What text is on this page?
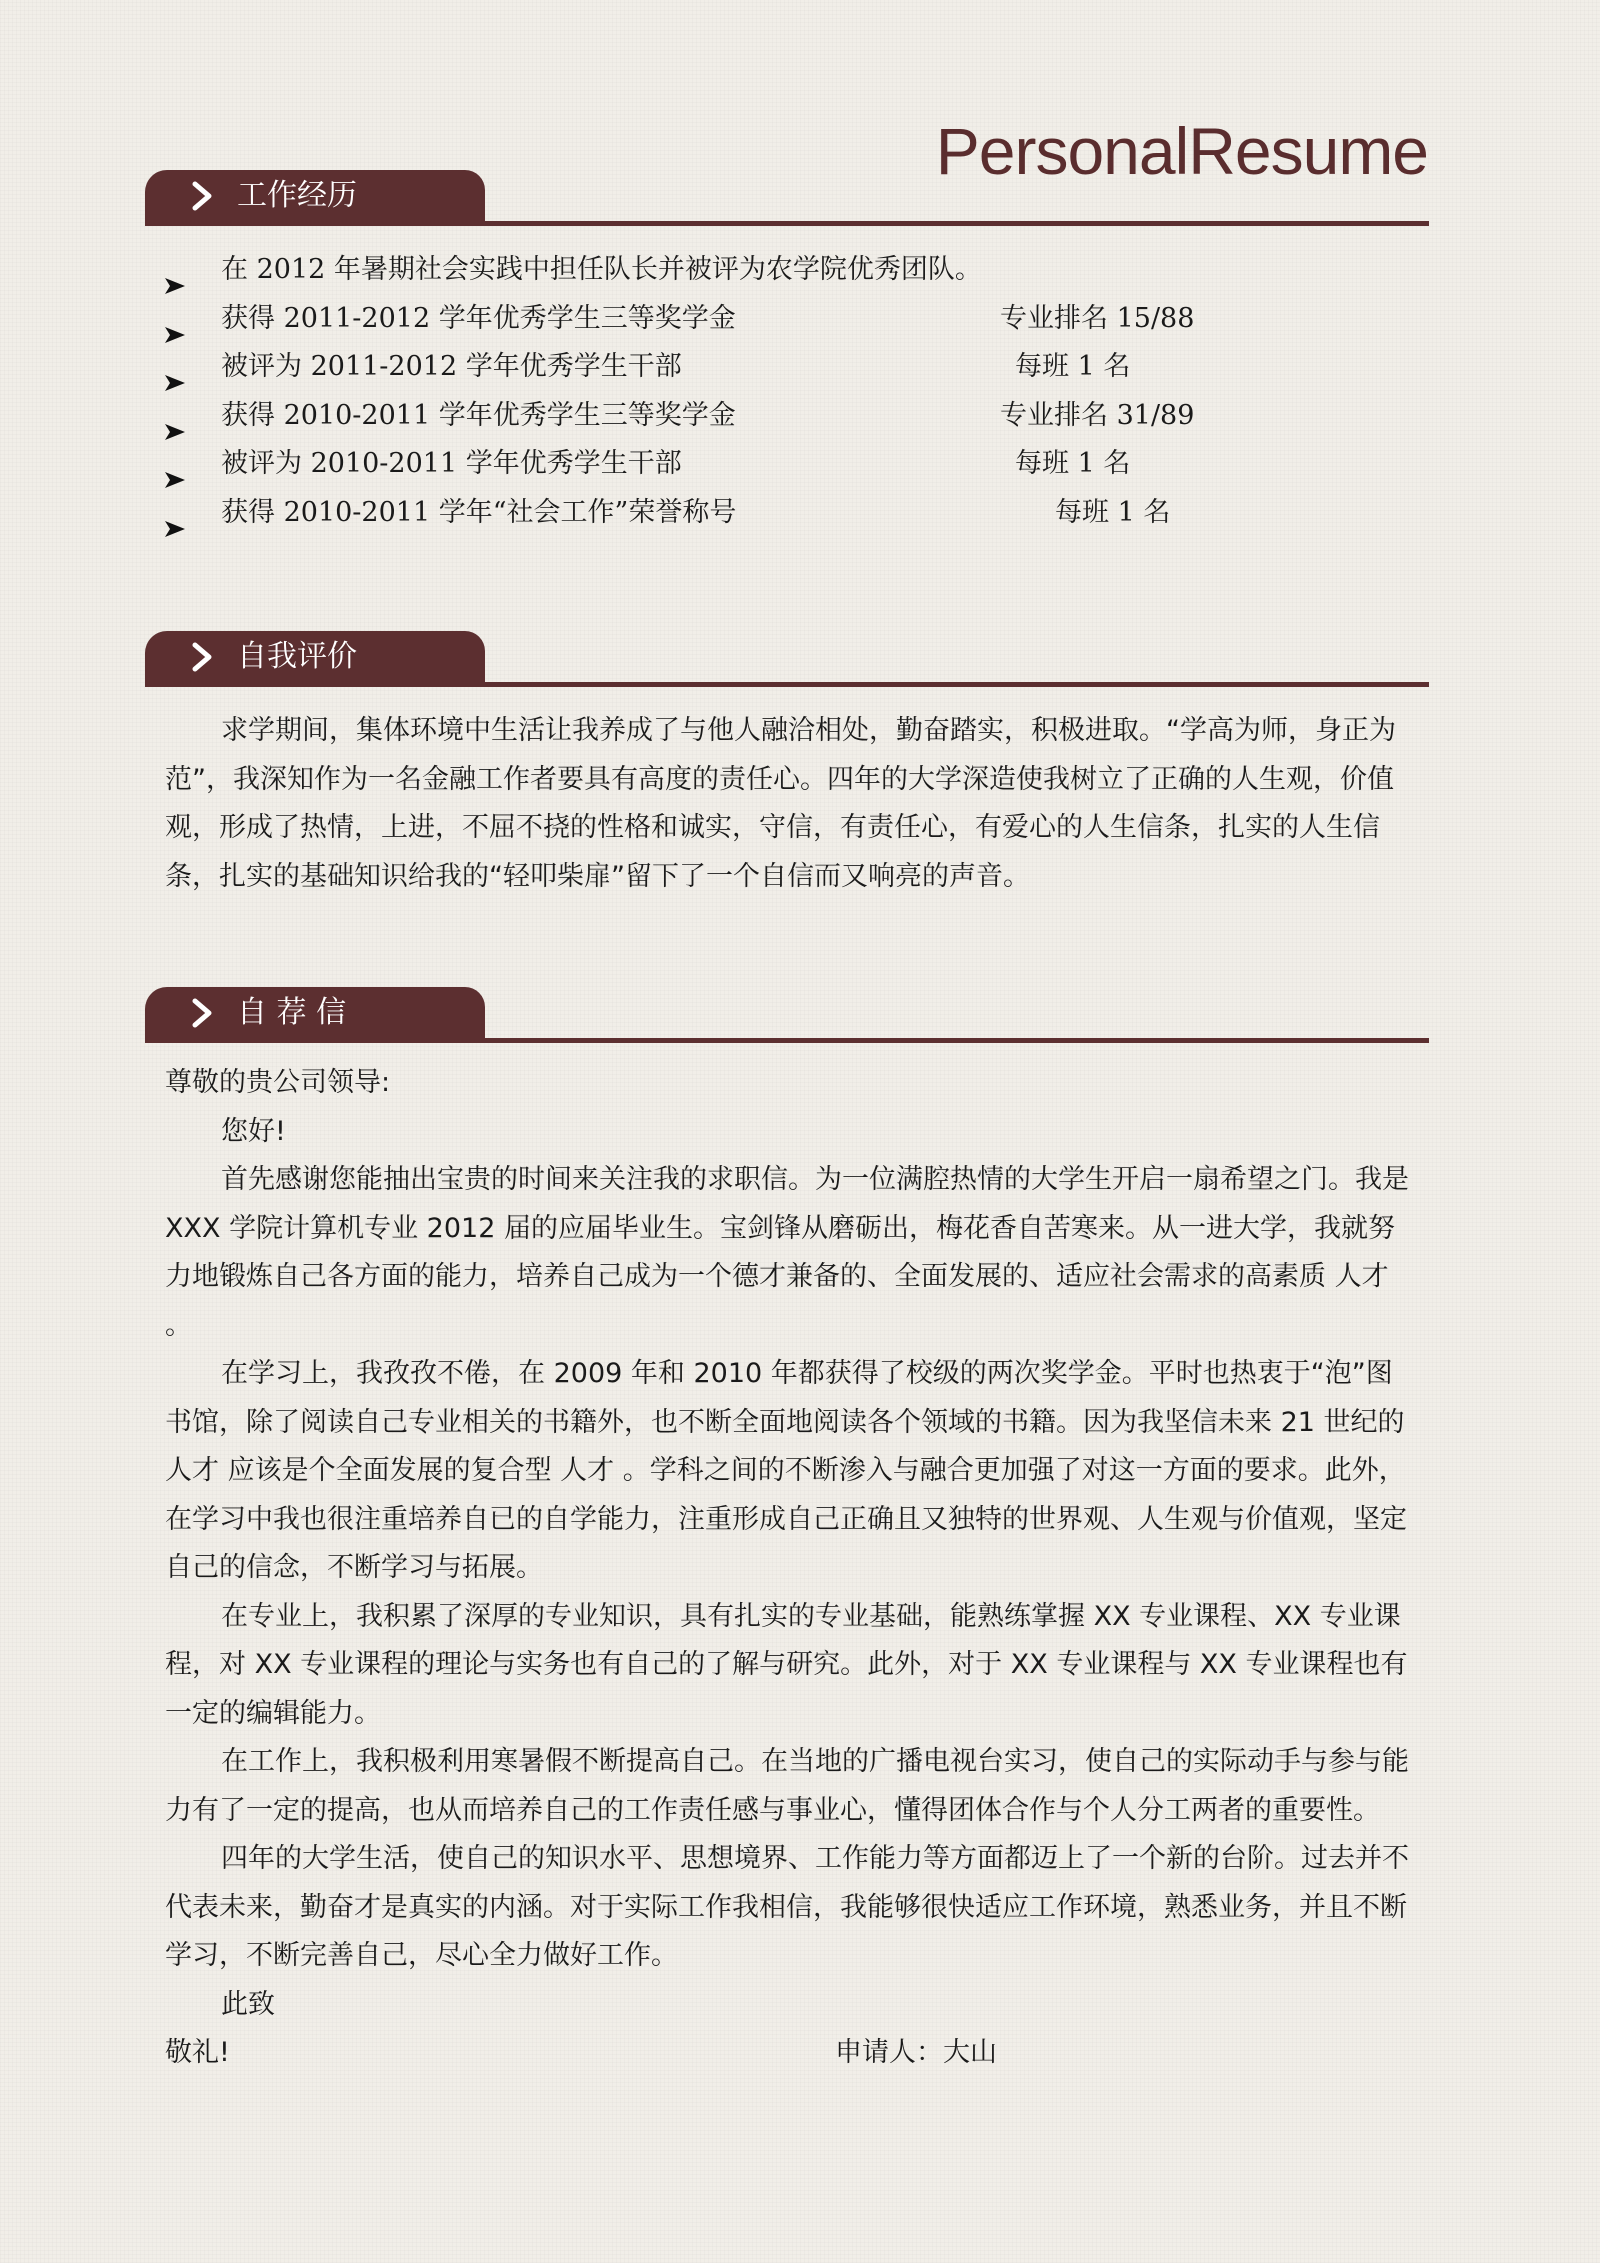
PersonalResume
工作经历
在 2012 年暑期社会实践中担任队长并被评为农学院优秀团队。
获得 2011-2012 学年优秀学生三等奖学金	专业排名 15/88
被评为 2011-2012 学年优秀学生干部	每班 1 名
获得 2010-2011 学年优秀学生三等奖学金	专业排名 31/89
被评为 2010-2011 学年优秀学生干部	每班 1 名
获得 2010-2011 学年“社会工作”荣誉称号	每班 1 名
自我评价

求学期间，集体环境中生活让我养成了与他人融洽相处，勤奋踏实，积极进取。“学高为师，身正为范”，我深知作为一名金融工作者要具有高度的责任心。四年的大学深造使我树立了正确的人生观，价值观，形成了热情，上进，不屈不挠的性格和诚实，守信，有责任心，有爱心的人生信条，扎实的人生信条，扎实的基础知识给我的“轻叩柴扉”留下了一个自信而又响亮的声音。

自 荐 信

尊敬的贵公司领导:

您好!

首先感谢您能抽出宝贵的时间来关注我的求职信。为一位满腔热情的大学生开启一扇希望之门。我是 XXX 学院计算机专业 2012 届的应届毕业生。宝剑锋从磨砺出，梅花香自苦寒来。从一进大学，我就努力地锻炼自己各方面的能力，培养自己成为一个德才兼备的、全面发展的、适应社会需求的高素质 人才 。

在学习上，我孜孜不倦，在 2009 年和 2010 年都获得了校级的两次奖学金。平时也热衷于“泡”图书馆，除了阅读自己专业相关的书籍外，也不断全面地阅读各个领域的书籍。因为我坚信未来 21 世纪的 人才 应该是个全面发展的复合型 人才 。学科之间的不断渗入与融合更加强了对这一方面的要求。此外，在学习中我也很注重培养自已的自学能力，注重形成自己正确且又独特的世界观、人生观与价值观，坚定自己的信念，不断学习与拓展。

在专业上，我积累了深厚的专业知识，具有扎实的专业基础，能熟练掌握 XX 专业课程、XX 专业课程，对 XX 专业课程的理论与实务也有自己的了解与研究。此外，对于 XX 专业课程与 XX 专业课程也有一定的编辑能力。

在工作上，我积极利用寒暑假不断提高自己。在当地的广播电视台实习，使自己的实际动手与参与能力有了一定的提高，也从而培养自己的工作责任感与事业心，懂得团体合作与个人分工两者的重要性。

四年的大学生活，使自己的知识水平、思想境界、工作能力等方面都迈上了一个新的台阶。过去并不代表未来，勤奋才是真实的内涵。对于实际工作我相信，我能够很快适应工作环境，熟悉业务，并且不断学习，不断完善自己，尽心全力做好工作。

此致

敬礼!	申请人：大山
